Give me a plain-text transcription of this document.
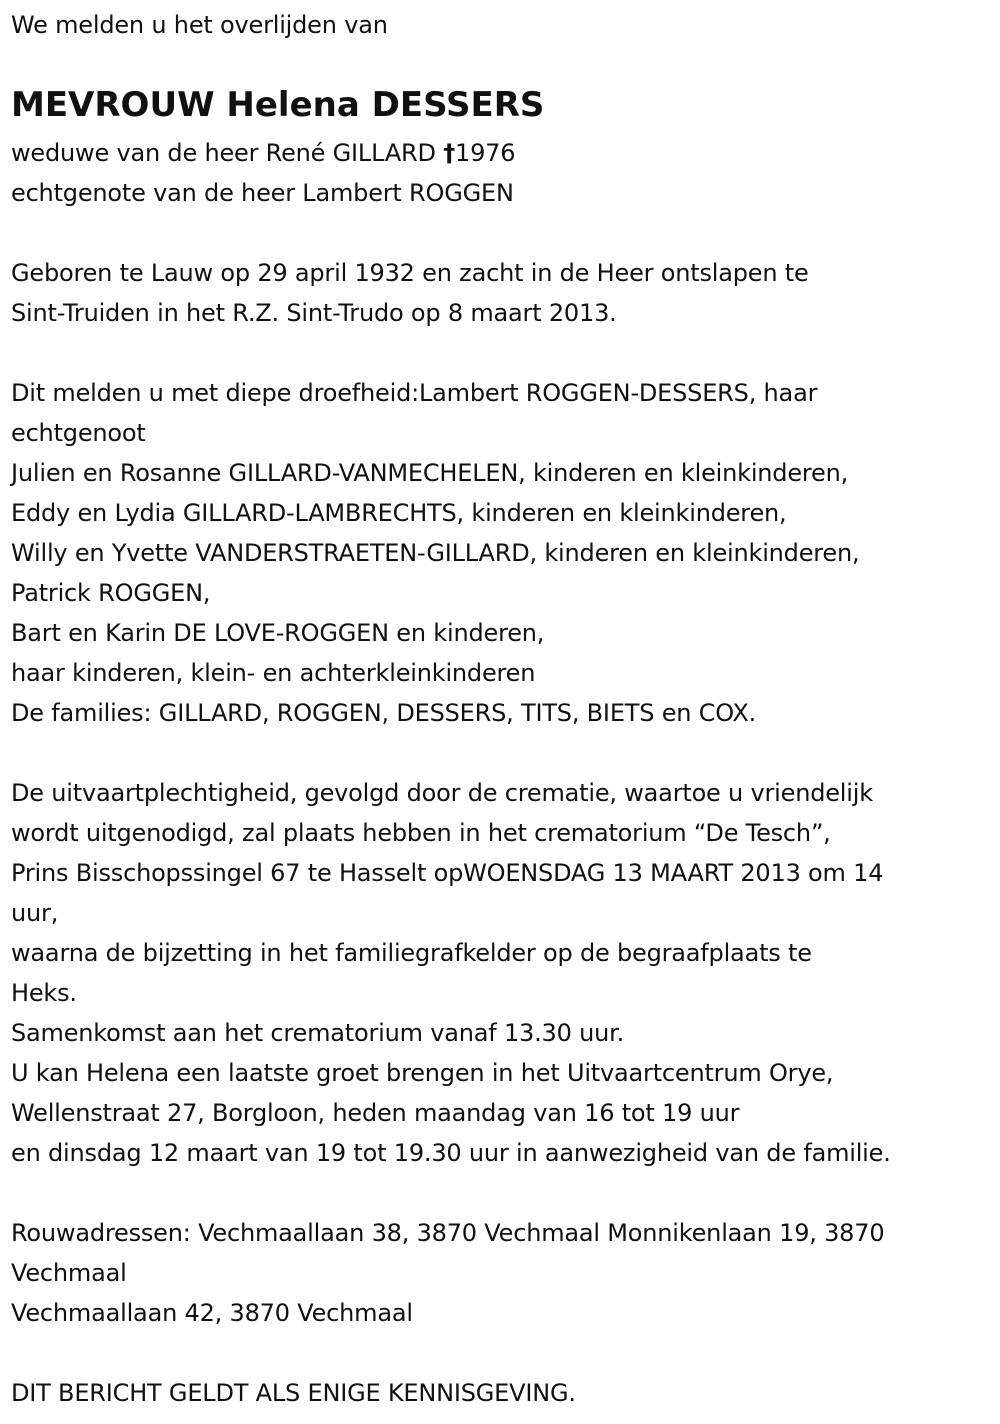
We melden u het overlijden van
MEVROUW Helena DESSERS
weduwe van de heer René GILLARD †1976
echtgenote van de heer Lambert ROGGEN
Geboren te Lauw op 29 april 1932 en zacht in de Heer ontslapen te
Sint-Truiden in het R.Z. Sint-Trudo op 8 maart 2013.
Dit melden u met diepe droefheid:Lambert ROGGEN-DESSERS, haar
echtgenoot
Julien en Rosanne GILLARD-VANMECHELEN, kinderen en kleinkinderen,
Eddy en Lydia GILLARD-LAMBRECHTS, kinderen en kleinkinderen,
Willy en Yvette VANDERSTRAETEN-GILLARD, kinderen en kleinkinderen,
Patrick ROGGEN,
Bart en Karin DE LOVE-ROGGEN en kinderen,
haar kinderen, klein- en achterkleinkinderen
De families: GILLARD, ROGGEN, DESSERS, TITS, BIETS en COX.
De uitvaartplechtigheid, gevolgd door de crematie, waartoe u vriendelijk
wordt uitgenodigd, zal plaats hebben in het crematorium “De Tesch”,
Prins Bisschopssingel 67 te Hasselt opWOENSDAG 13 MAART 2013 om 14
uur,
waarna de bijzetting in het familiegrafkelder op de begraafplaats te
Heks.
Samenkomst aan het crematorium vanaf 13.30 uur.
U kan Helena een laatste groet brengen in het Uitvaartcentrum Orye,
Wellenstraat 27, Borgloon, heden maandag van 16 tot 19 uur
en dinsdag 12 maart van 19 tot 19.30 uur in aanwezigheid van de familie.
Rouwadressen: Vechmaallaan 38, 3870 Vechmaal Monnikenlaan 19, 3870
Vechmaal
Vechmaallaan 42, 3870 Vechmaal
DIT BERICHT GELDT ALS ENIGE KENNISGEVING.
